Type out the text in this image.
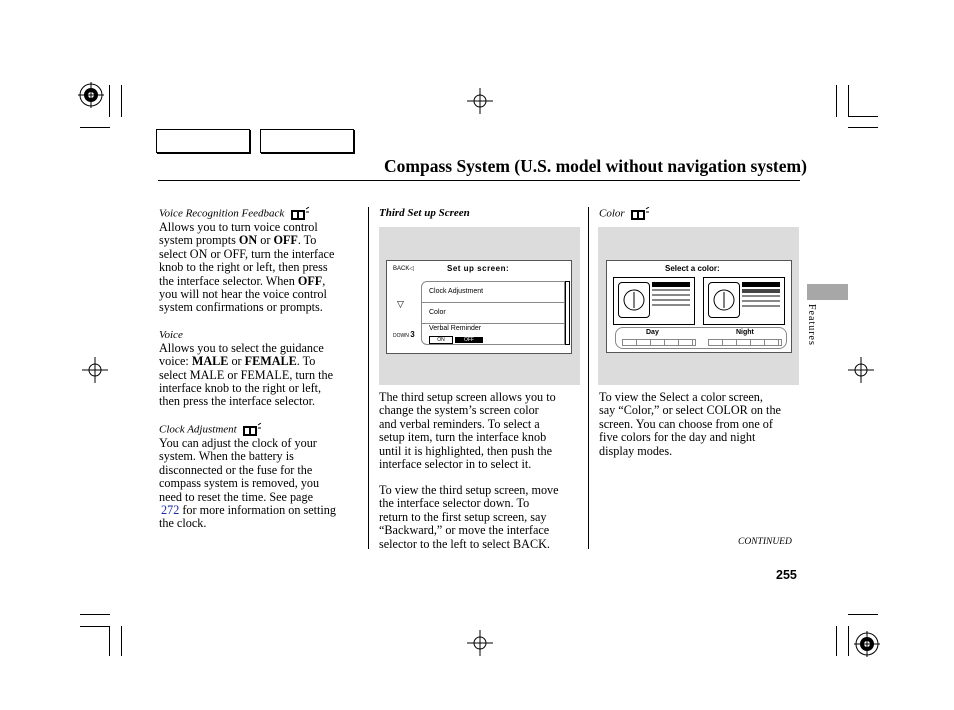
Compass System (U.S. model without navigation system)
Features
Voice Recognition Feedback
Allows you to turn voice control
system prompts ON or OFF. To
select ON or OFF, turn the interface
knob to the right or left, then press
the interface selector. When OFF,
you will not hear the voice control
system confirmations or prompts.
Voice
Allows you to select the guidance
voice: MALE or FEMALE. To
select MALE or FEMALE, turn the
interface knob to the right or left,
then press the interface selector.
Clock Adjustment
You can adjust the clock of your
system. When the battery is
disconnected or the fuse for the
compass system is removed, you
need to reset the time. See page
272 for more information on setting
the clock.
Third Set up Screen
BACK◁	Set up screen:
Clock Adjustment
Color
Verbal Reminder
ON	OFF
▽
DOWN 3
The third setup screen allows you to
change the system’s screen color
and verbal reminders. To select a
setup item, turn the interface knob
until it is highlighted, then push the
interface selector in to select it.
To view the third setup screen, move
the interface selector down. To
return to the first setup screen, say
“Backward,” or move the interface
selector to the left to select BACK.
Color
Select a color:
Day	Night
To view the Select a color screen,
say “Color,” or select COLOR on the
screen. You can choose from one of
five colors for the day and night
display modes.
CONTINUED
255
